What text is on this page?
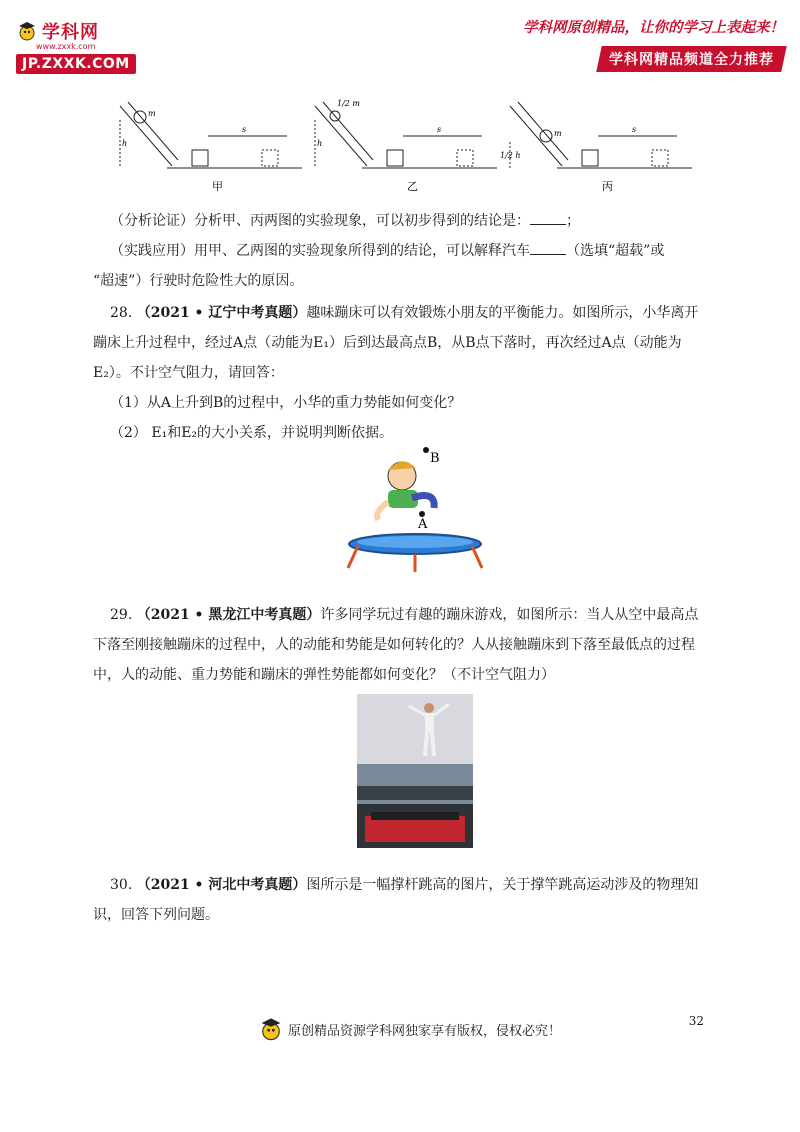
学科网
www.zxxk.com
JP.ZXXK.COM
学科网原创精品，让你的学习上表起来！
学科网精品频道全力推荐
m
h
s
甲
1/2 m
h
s
乙
m
1/2 h
s
丙
（分析论证）分析甲、丙两图的实验现象，可以初步得到的结论是：	；
（实践应用）用甲、乙两图的实验现象所得到的结论，可以解释汽车	（选填“超载”或
“超速”）行驶时危险性大的原因。
28. （2021 • 辽宁中考真题）趣味蹦床可以有效锻炼小朋友的平衡能力。如图所示，小华离开
蹦床上升过程中，经过A点（动能为E₁）后到达最高点B，从B点下落时，再次经过A点（动能为
E₂）。不计空气阻力，请回答：
（1）从A上升到B的过程中，小华的重力势能如何变化？
（2） E₁和E₂的大小关系，并说明判断依据。
B
A
29. （2021 • 黑龙江中考真题）许多同学玩过有趣的蹦床游戏，如图所示：当人从空中最高点
下落至刚接触蹦床的过程中，人的动能和势能是如何转化的？人从接触蹦床到下落至最低点的过程
中，人的动能、重力势能和蹦床的弹性势能都如何变化？（不计空气阻力）
30. （2021 • 河北中考真题）图所示是一幅撑杆跳高的图片，关于撑竿跳高运动涉及的物理知
识，回答下列问题。
32
原创精品资源学科网独家享有版权，侵权必究！
